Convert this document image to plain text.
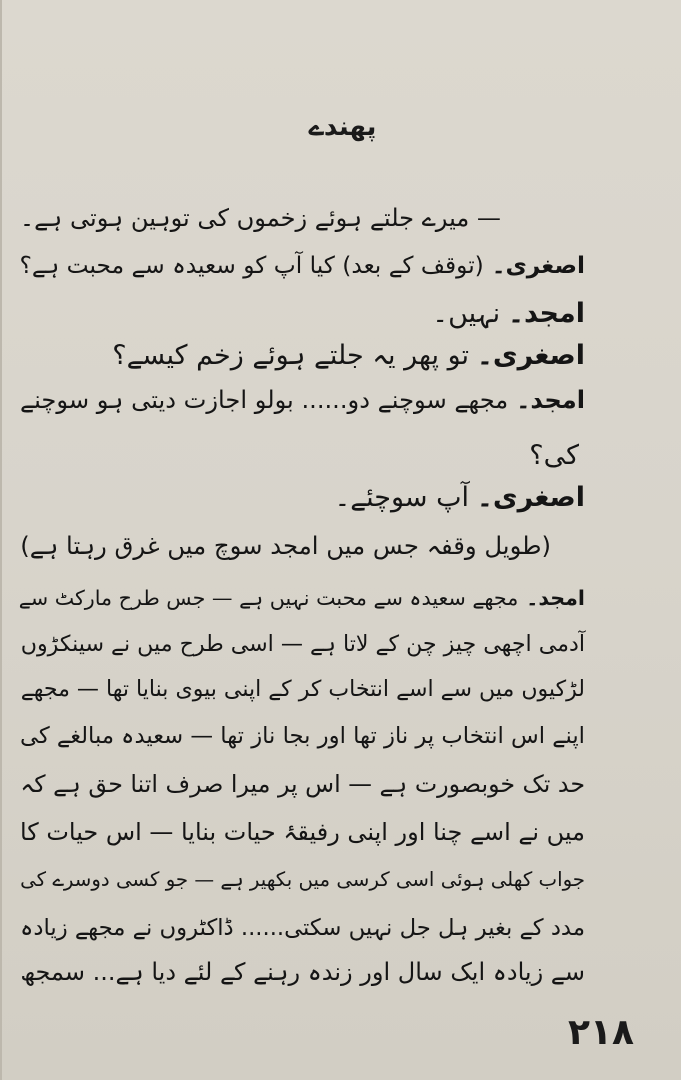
پھندے
— میرے جلتے ہوئے زخموں کی توہین ہوتی ہے۔
اصغری۔(توقف کے بعد) کیا آپ کو سعیدہ سے محبت ہے؟
امجد۔نہیں۔
اصغری۔تو پھر یہ جلتے ہوئے زخم کیسے؟
امجد۔مجھے سوچنے دو...... بولو اجازت دیتی ہو سوچنے
کی؟
اصغری۔آپ سوچئے۔
(طویل وقفہ جس میں امجد سوچ میں غرق رہتا ہے)
امجد۔مجھے سعیدہ سے محبت نہیں ہے — جس طرح مارکٹ سے
آدمی اچھی چیز چن کے لاتا ہے — اسی طرح میں نے سینکڑوں
لڑکیوں میں سے اسے انتخاب کر کے اپنی بیوی بنایا تھا — مجھے
اپنے اس انتخاب پر ناز تھا اور بجا ناز تھا — سعیدہ مبالغے کی
حد تک خوبصورت ہے — اس پر میرا صرف اتنا حق ہے کہ
میں نے اسے چنا اور اپنی رفیقۂ حیات بنایا — اس حیات کا
جواب کھلی ہوئی اسی کرسی میں بکھیر ہے — جو کسی دوسرے کی
مدد کے بغیر ہل جل نہیں سکتی...... ڈاکٹروں نے مجھے زیادہ
سے زیادہ ایک سال اور زندہ رہنے کے لئے دیا ہے... سمجھ
۲۱۸
